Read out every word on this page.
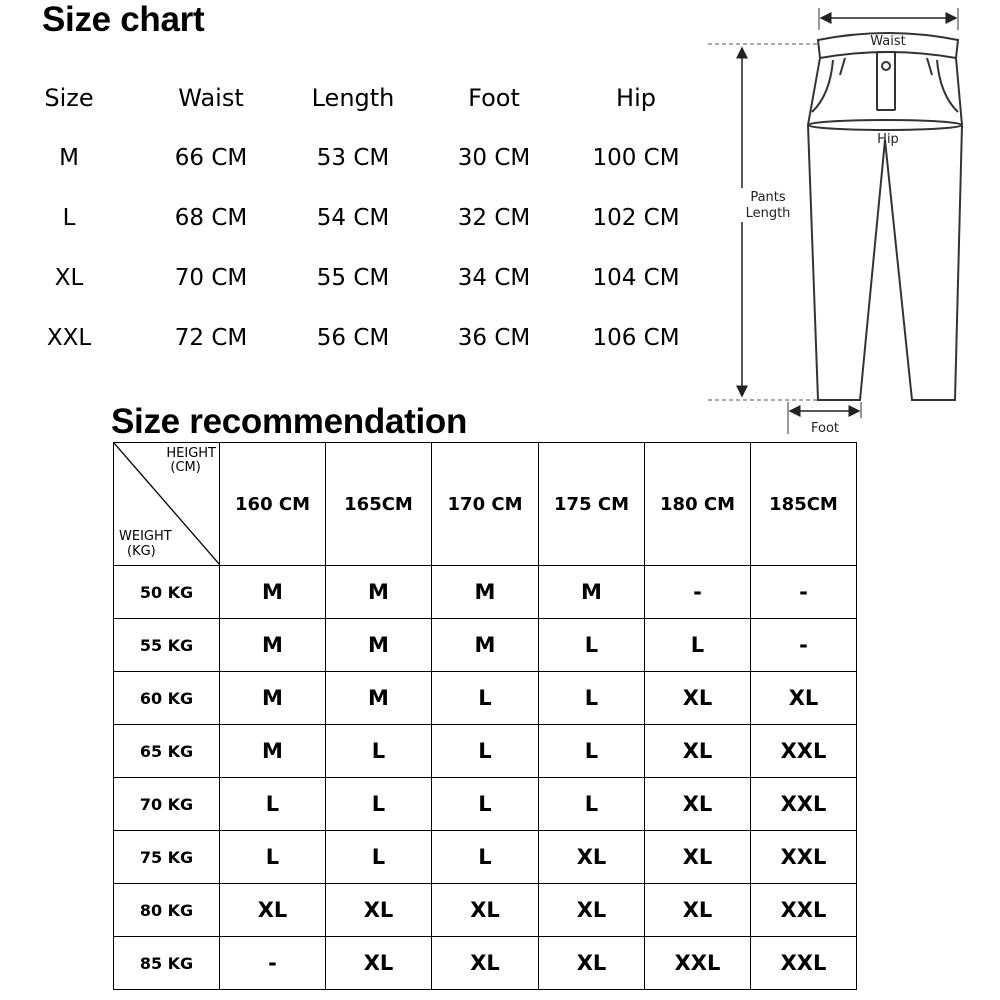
Size chart
Size	Waist	Length	Foot	Hip
M	66 CM	53 CM	30 CM	100 CM
L	68 CM	54 CM	32 CM	102 CM
XL	70 CM	55 CM	34 CM	104 CM
XXL	72 CM	56 CM	36 CM	106 CM
Waist
Hip
Pants
Length
Foot
Size recommendation
HEIGHT
(CM)
WEIGHT
(KG)	160 CM	165CM	170 CM	175 CM	180 CM	185CM
50 KG	M	M	M	M	-	-
55 KG	M	M	M	L	L	-
60 KG	M	M	L	L	XL	XL
65 KG	M	L	L	L	XL	XXL
70 KG	L	L	L	L	XL	XXL
75 KG	L	L	L	XL	XL	XXL
80 KG	XL	XL	XL	XL	XL	XXL
85 KG	-	XL	XL	XL	XXL	XXL
